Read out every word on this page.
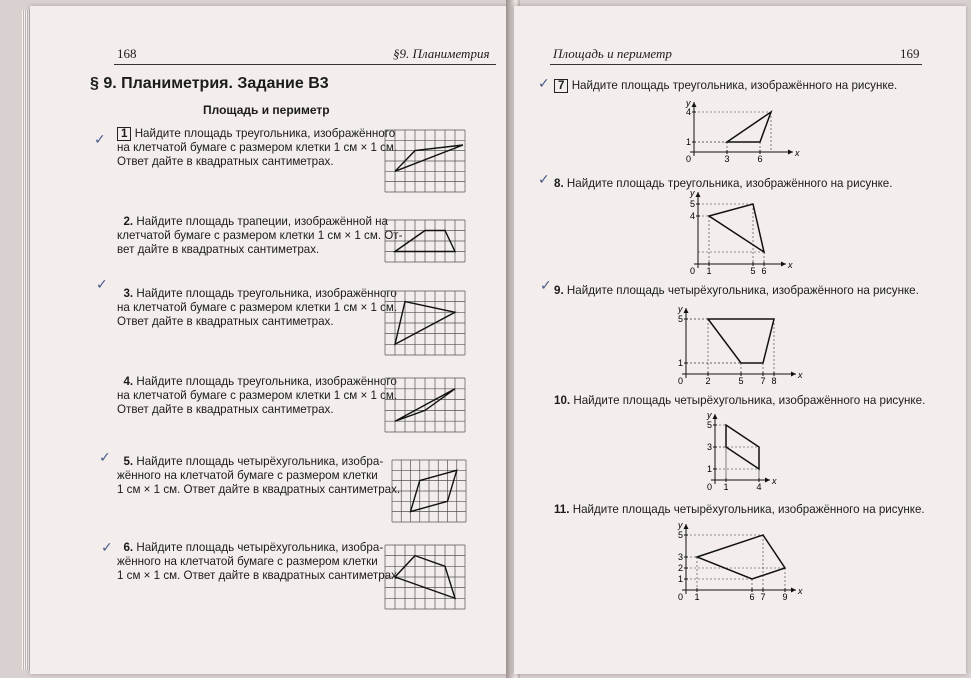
168	§9. Планиметрия
§ 9. Планиметрия. Задание В3
Площадь и периметр
1 Найдите площадь треугольника, изображённого
на клетчатой бумаге с размером клетки 1 см × 1 см.
Ответ дайте в квадратных сантиметрах.
2. Найдите площадь трапеции, изображённой на
клетчатой бумаге с размером клетки 1 см × 1 см. От-
вет дайте в квадратных сантиметрах.
3. Найдите площадь треугольника, изображённого
на клетчатой бумаге с размером клетки 1 см × 1 см.
Ответ дайте в квадратных сантиметрах.
4. Найдите площадь треугольника, изображённого
на клетчатой бумаге с размером клетки 1 см × 1 см.
Ответ дайте в квадратных сантиметрах.
5. Найдите площадь четырёхугольника, изобра-
жённого на клетчатой бумаге с размером клетки
1 см × 1 см. Ответ дайте в квадратных сантиметрах.
6. Найдите площадь четырёхугольника, изобра-
жённого на клетчатой бумаге с размером клетки
1 см × 1 см. Ответ дайте в квадратных сантиметрах.
✓
✓
✓
✓
✓
✓
✓
Площадь и периметр	169
7 Найдите площадь треугольника, изображённого на рисунке.
8. Найдите площадь треугольника, изображённого на рисунке.
9. Найдите площадь четырёхугольника, изображённого на рисунке.
10. Найдите площадь четырёхугольника, изображённого на рисунке.
11. Найдите площадь четырёхугольника, изображённого на рисунке.
x
y
0	3	6
1
4
x
y
0 1	5 6
4
5
x
y
0 2	5 7 8
1
5
x
y
0 1	4
1
3
5
x
y
0 1	6 7 9
1
2
3
5
